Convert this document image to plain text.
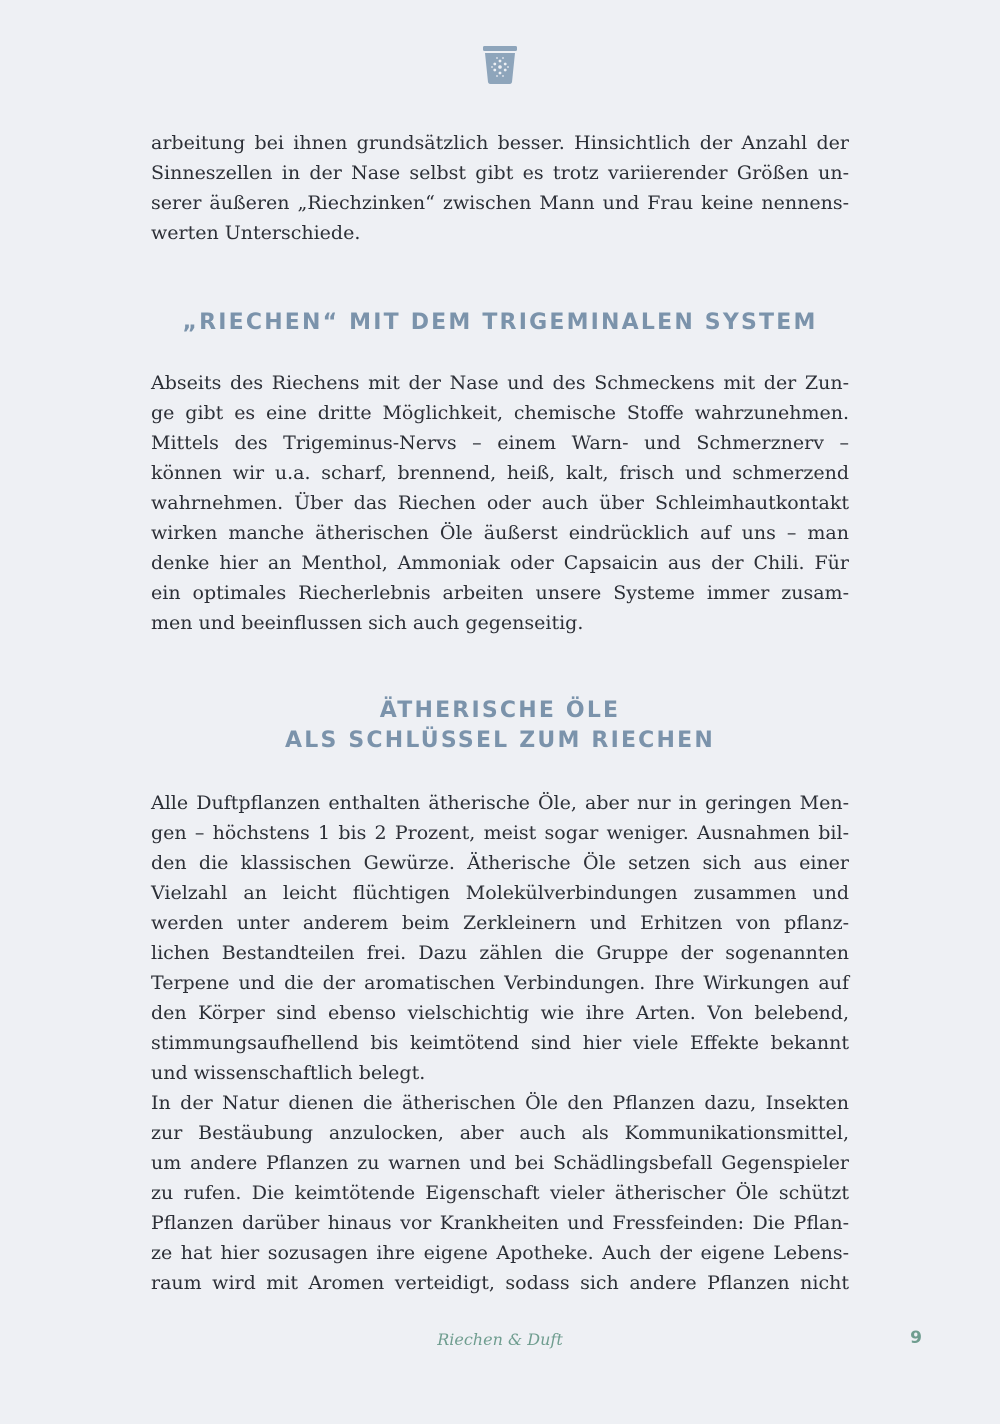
arbeitung bei ihnen grundsätzlich besser. Hinsichtlich der Anzahl der
Sinneszellen in der Nase selbst gibt es trotz variierender Größen un-
serer äußeren „Riechzinken“ zwischen Mann und Frau keine nennens-
werten Unterschiede.
„RIECHEN“ MIT DEM TRIGEMINALEN SYSTEM
Abseits des Riechens mit der Nase und des Schmeckens mit der Zun-
ge gibt es eine dritte Möglichkeit, chemische Stoffe wahrzunehmen.
Mittels des Trigeminus-Nervs – einem Warn- und Schmerznerv –
können wir u.a. scharf, brennend, heiß, kalt, frisch und schmerzend
wahrnehmen. Über das Riechen oder auch über Schleimhautkontakt
wirken manche ätherischen Öle äußerst eindrücklich auf uns – man
denke hier an Menthol, Ammoniak oder Capsaicin aus der Chili. Für
ein optimales Riecherlebnis arbeiten unsere Systeme immer zusam-
men und beeinflussen sich auch gegenseitig.
ÄTHERISCHE ÖLE
ALS SCHLÜSSEL ZUM RIECHEN
Alle Duftpflanzen enthalten ätherische Öle, aber nur in geringen Men-
gen – höchstens 1 bis 2 Prozent, meist sogar weniger. Ausnahmen bil-
den die klassischen Gewürze. Ätherische Öle setzen sich aus einer
Vielzahl an leicht flüchtigen Molekülverbindungen zusammen und
werden unter anderem beim Zerkleinern und Erhitzen von pflanz-
lichen Bestandteilen frei. Dazu zählen die Gruppe der sogenannten
Terpene und die der aromatischen Verbindungen. Ihre Wirkungen auf
den Körper sind ebenso vielschichtig wie ihre Arten. Von belebend,
stimmungsaufhellend bis keimtötend sind hier viele Effekte bekannt
und wissenschaftlich belegt.
In der Natur dienen die ätherischen Öle den Pflanzen dazu, Insekten
zur Bestäubung anzulocken, aber auch als Kommunikationsmittel,
um andere Pflanzen zu warnen und bei Schädlingsbefall Gegenspieler
zu rufen. Die keimtötende Eigenschaft vieler ätherischer Öle schützt
Pflanzen darüber hinaus vor Krankheiten und Fressfeinden: Die Pflan-
ze hat hier sozusagen ihre eigene Apotheke. Auch der eigene Lebens-
raum wird mit Aromen verteidigt, sodass sich andere Pflanzen nicht
Riechen & Duft	9
